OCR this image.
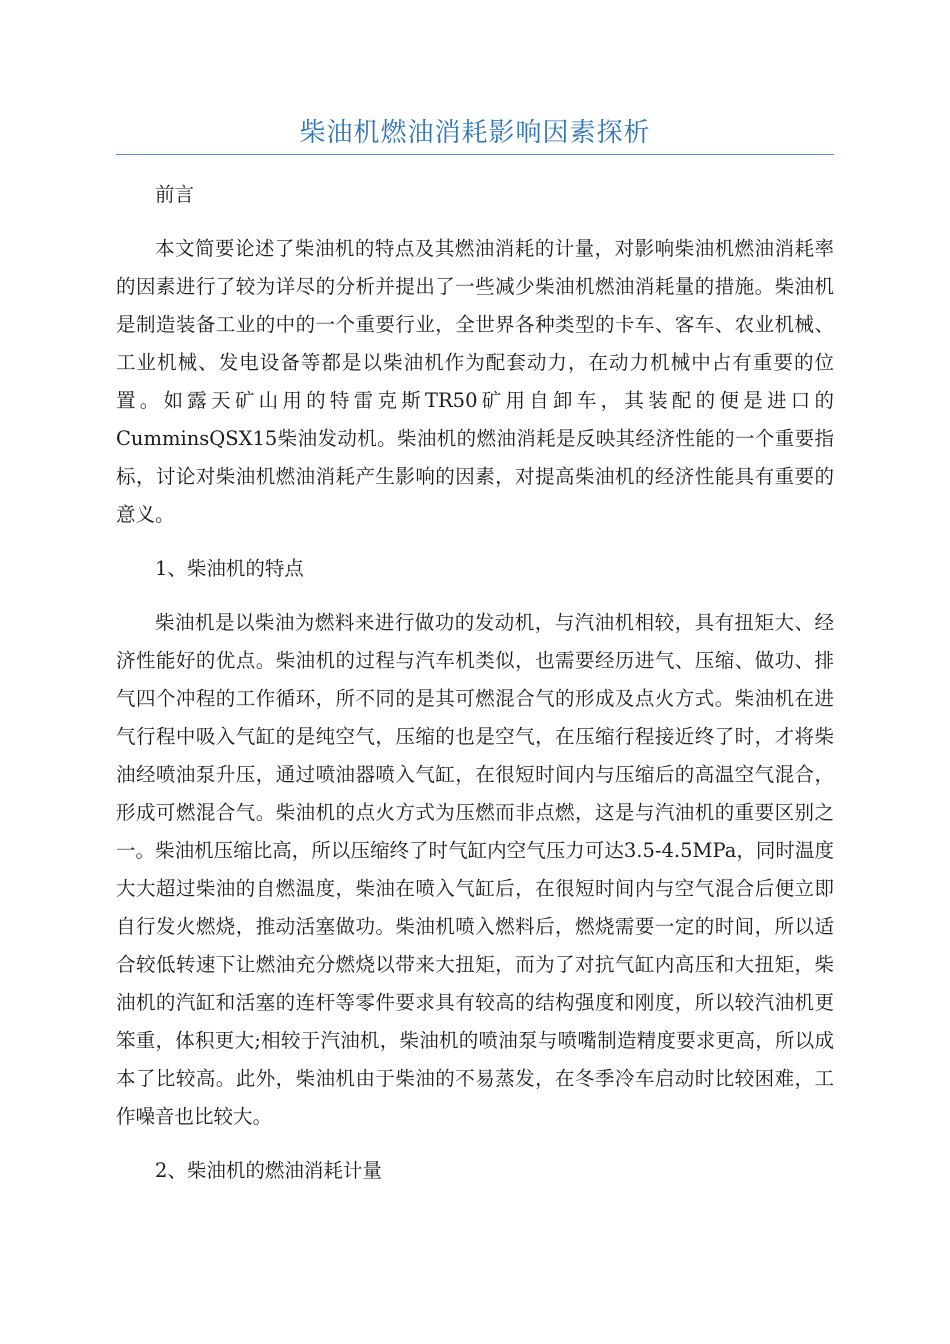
柴油机燃油消耗影响因素探析

前言

本文简要论述了柴油机的特点及其燃油消耗的计量，对影响柴油机燃油消耗率的因素进行了较为详尽的分析并提出了一些减少柴油机燃油消耗量的措施。柴油机是制造装备工业的中的一个重要行业，全世界各种类型的卡车、客车、农业机械、工业机械、发电设备等都是以柴油机作为配套动力，在动力机械中占有重要的位置。如露天矿山用的特雷克斯TR50矿用自卸车，其装配的便是进口的CumminsQSX15柴油发动机。柴油机的燃油消耗是反映其经济性能的一个重要指标，讨论对柴油机燃油消耗产生影响的因素，对提高柴油机的经济性能具有重要的意义。

1、柴油机的特点

柴油机是以柴油为燃料来进行做功的发动机，与汽油机相较，具有扭矩大、经济性能好的优点。柴油机的过程与汽车机类似，也需要经历进气、压缩、做功、排气四个冲程的工作循环，所不同的是其可燃混合气的形成及点火方式。柴油机在进气行程中吸入气缸的是纯空气，压缩的也是空气，在压缩行程接近终了时，才将柴油经喷油泵升压，通过喷油器喷入气缸，在很短时间内与压缩后的高温空气混合，形成可燃混合气。柴油机的点火方式为压燃而非点燃，这是与汽油机的重要区别之一。柴油机压缩比高，所以压缩终了时气缸内空气压力可达3.5-4.5MPa，同时温度大大超过柴油的自燃温度，柴油在喷入气缸后，在很短时间内与空气混合后便立即自行发火燃烧，推动活塞做功。柴油机喷入燃料后，燃烧需要一定的时间，所以适合较低转速下让燃油充分燃烧以带来大扭矩，而为了对抗气缸内高压和大扭矩，柴油机的汽缸和活塞的连杆等零件要求具有较高的结构强度和刚度，所以较汽油机更笨重，体积更大;相较于汽油机，柴油机的喷油泵与喷嘴制造精度要求更高，所以成本了比较高。此外，柴油机由于柴油的不易蒸发，在冬季冷车启动时比较困难，工作噪音也比较大。

2、柴油机的燃油消耗计量
